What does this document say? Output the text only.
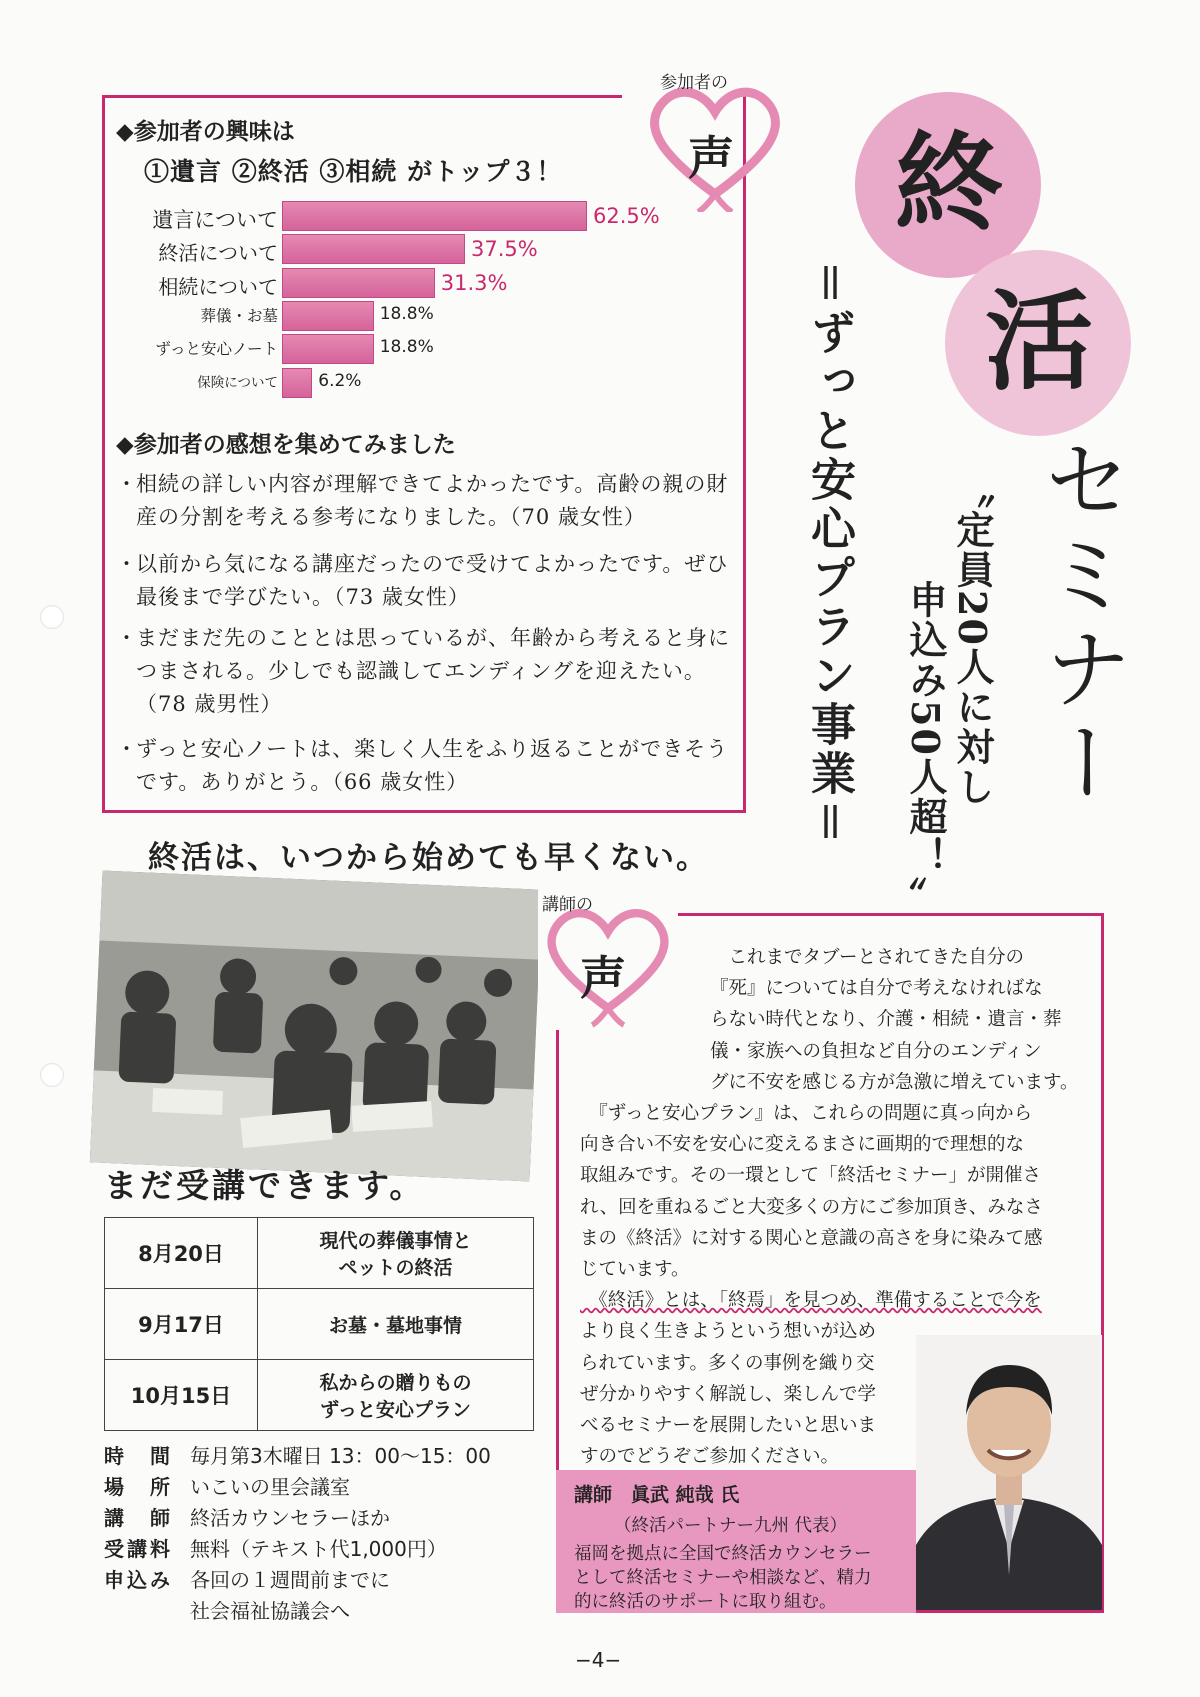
◆参加者の興味は
①遺言 ②終活 ③相続 がトップ３！
遺言について	62.5%
終活について	37.5%
相続について	31.3%
葬儀・お墓	18.8%
ずっと安心ノート	18.8%
保険について 6.2%
◆参加者の感想を集めてみました
・
相続の詳しい内容が理解できてよかったです。高齢の親の財産の分割を考える参考になりました。（70 歳女性）
・
以前から気になる講座だったので受けてよかったです。ぜひ最後まで学びたい。（73 歳女性）
・
まだまだ先のこととは思っているが、年齢から考えると身につまされる。少しでも認識してエンディングを迎えたい。（78 歳男性）
・
ずっと安心ノートは、楽しく人生をふり返ることができそうです。ありがとう。（66 歳女性）
参加者の
声 終
活
セミナー
＝ずっと安心プラン事業＝ 〝定員20人に対し
申込み50人超！〟
終活は、いつから始めても早くない。
まだ受講できます。
8月20日	現代の葬儀事情と
ペットの終活
9月17日	お墓・墓地事情
10月15日	私からの贈りもの
ずっと安心プラン
時　間 毎月第3木曜日 13：00〜15：00
場　所 いこいの里会議室
講　師 終活カウンセラーほか
受講料 無料（テキスト代1,000円）
申込み 各回の１週間前までに
社会福祉協議会へ
講師の
声	　これまでタブーとされてきた自分の
『死』については自分で考えなければな
らない時代となり、介護・相続・遺言・葬
儀・家族への負担など自分のエンディン
グに不安を感じる方が急激に増えています。
　『ずっと安心プラン』は、これらの問題に真っ向から
向き合い不安を安心に変えるまさに画期的で理想的な
取組みです。その一環として「終活セミナー」が開催さ
れ、回を重ねるごと大変多くの方にご参加頂き、みなさ
まの《終活》に対する関心と意識の高さを身に染みて感
じています。
　《終活》とは、「終焉」を見つめ、準備することで今を
より良く生きようという想いが込め
られています。多くの事例を織り交
ぜ分かりやすく解説し、楽しんで学
べるセミナーを展開したいと思いま
すのでどうぞご参加ください。
講師　眞武 純哉 氏
（終活パートナー九州 代表）
福岡を拠点に全国で終活カウンセラー
として終活セミナーや相談など、精力
的に終活のサポートに取り組む。
−4−
